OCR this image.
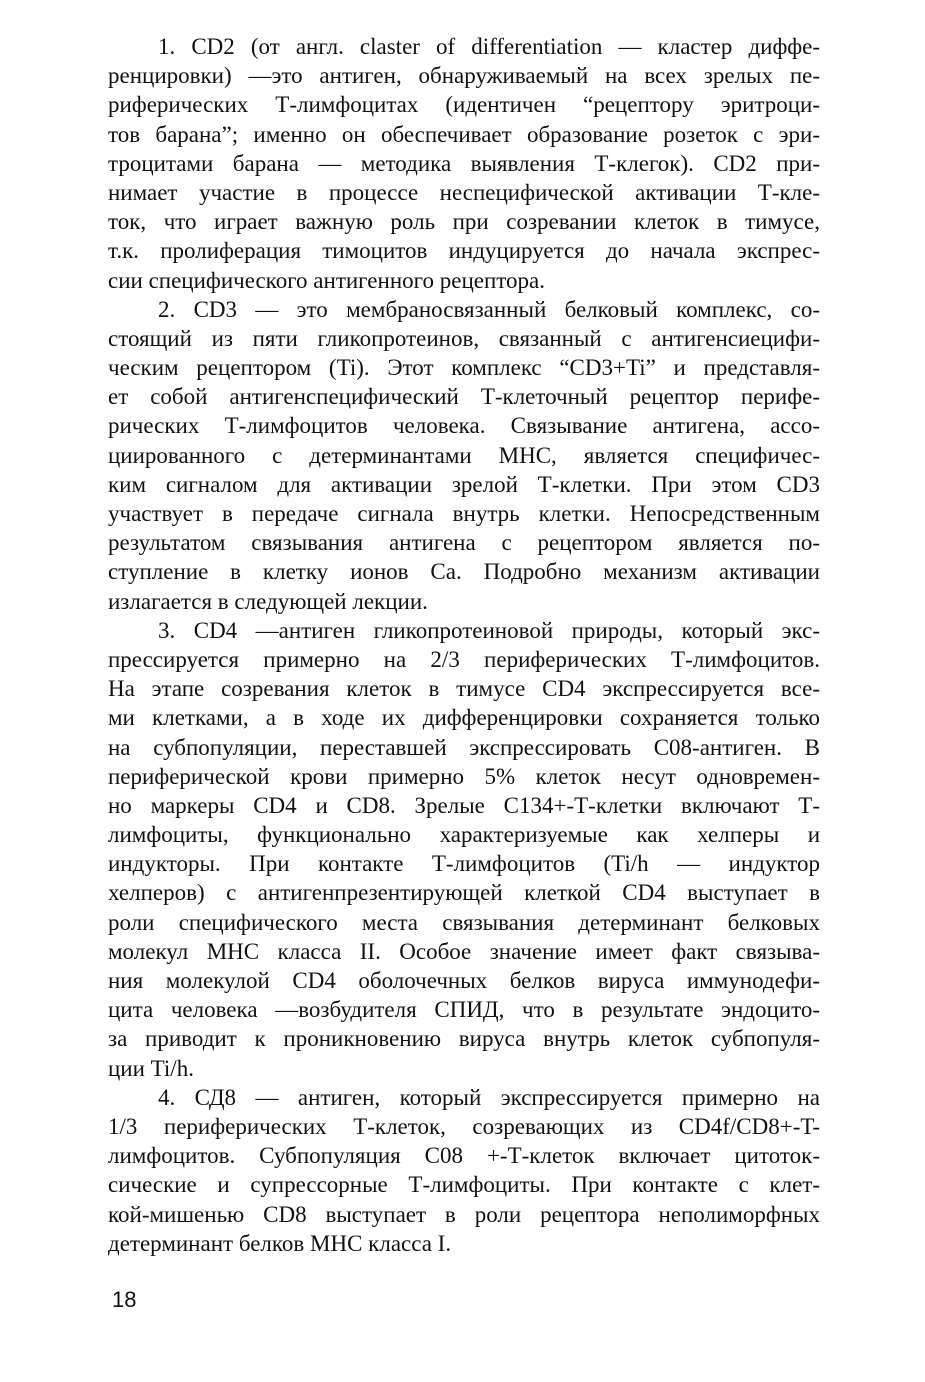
1. CD2 (от англ. claster of differentiation — кластер диффе-
ренцировки) —это антиген, обнаруживаемый на всех зрелых пе-
риферических Т-лимфоцитах (идентичен “рецептору эритроци-
тов барана”; именно он обеспечивает образование розеток с эри-
троцитами барана — методика выявления Т-клегок). CD2 при-
нимает участие в процессе неспецифической активации Т-кле-
ток, что играет важную роль при созревании клеток в тимусе,
т.к. пролиферация тимоцитов индуцируется до начала экспрес-
сии специфического антигенного рецептора.
2. CD3 — это мембраносвязанный белковый комплекс, со-
стоящий из пяти гликопротеинов, связанный с антигенсиецифи-
ческим рецептором (Ti). Этот комплекс “CD3+Ti” и представля-
ет собой антигенспецифический Т-клеточный рецептор перифе-
рических Т-лимфоцитов человека. Связывание антигена, ассо-
циированного с детерминантами МНС, является специфичес-
ким сигналом для активации зрелой Т-клетки. При этом CD3
участвует в передаче сигнала внутрь клетки. Непосредственным
результатом связывания антигена с рецептором является по-
ступление в клетку ионов Са. Подробно механизм активации
излагается в следующей лекции.
3. CD4 —антиген гликопротеиновой природы, который экс-
прессируется примерно на 2/3 периферических Т-лимфоцитов.
На этапе созревания клеток в тимусе CD4 экспрессируется все-
ми клетками, а в ходе их дифференцировки сохраняется только
на субпопуляции, переставшей экспрессировать С08-антиген. В
периферической крови примерно 5% клеток несут одновремен-
но маркеры CD4 и CD8. Зрелые С134+-Т-клетки включают Т-
лимфоциты, функционально характеризуемые как хелперы и
индукторы. При контакте Т-лимфоцитов (Ti/h — индуктор
хелперов) с антигенпрезентирующей клеткой CD4 выступает в
роли специфического места связывания детерминант белковых
молекул МНС класса II. Особое значение имеет факт связыва-
ния молекулой CD4 оболочечных белков вируса иммунодефи-
цита человека —возбудителя СПИД, что в результате эндоцито-
за приводит к проникновению вируса внутрь клеток субпопуля-
ции Ti/h.
4. СД8 — антиген, который экспрессируется примерно на
1/3 периферических Т-клеток, созревающих из CD4f/CD8+-T-
лимфоцитов. Субпопуляция С08 +-Т-клеток включает цитоток-
сические и супрессорные Т-лимфоциты. При контакте с клет-
кой-мишенью CD8 выступает в роли рецептора неполиморфных
детерминант белков МНС класса I.
18
